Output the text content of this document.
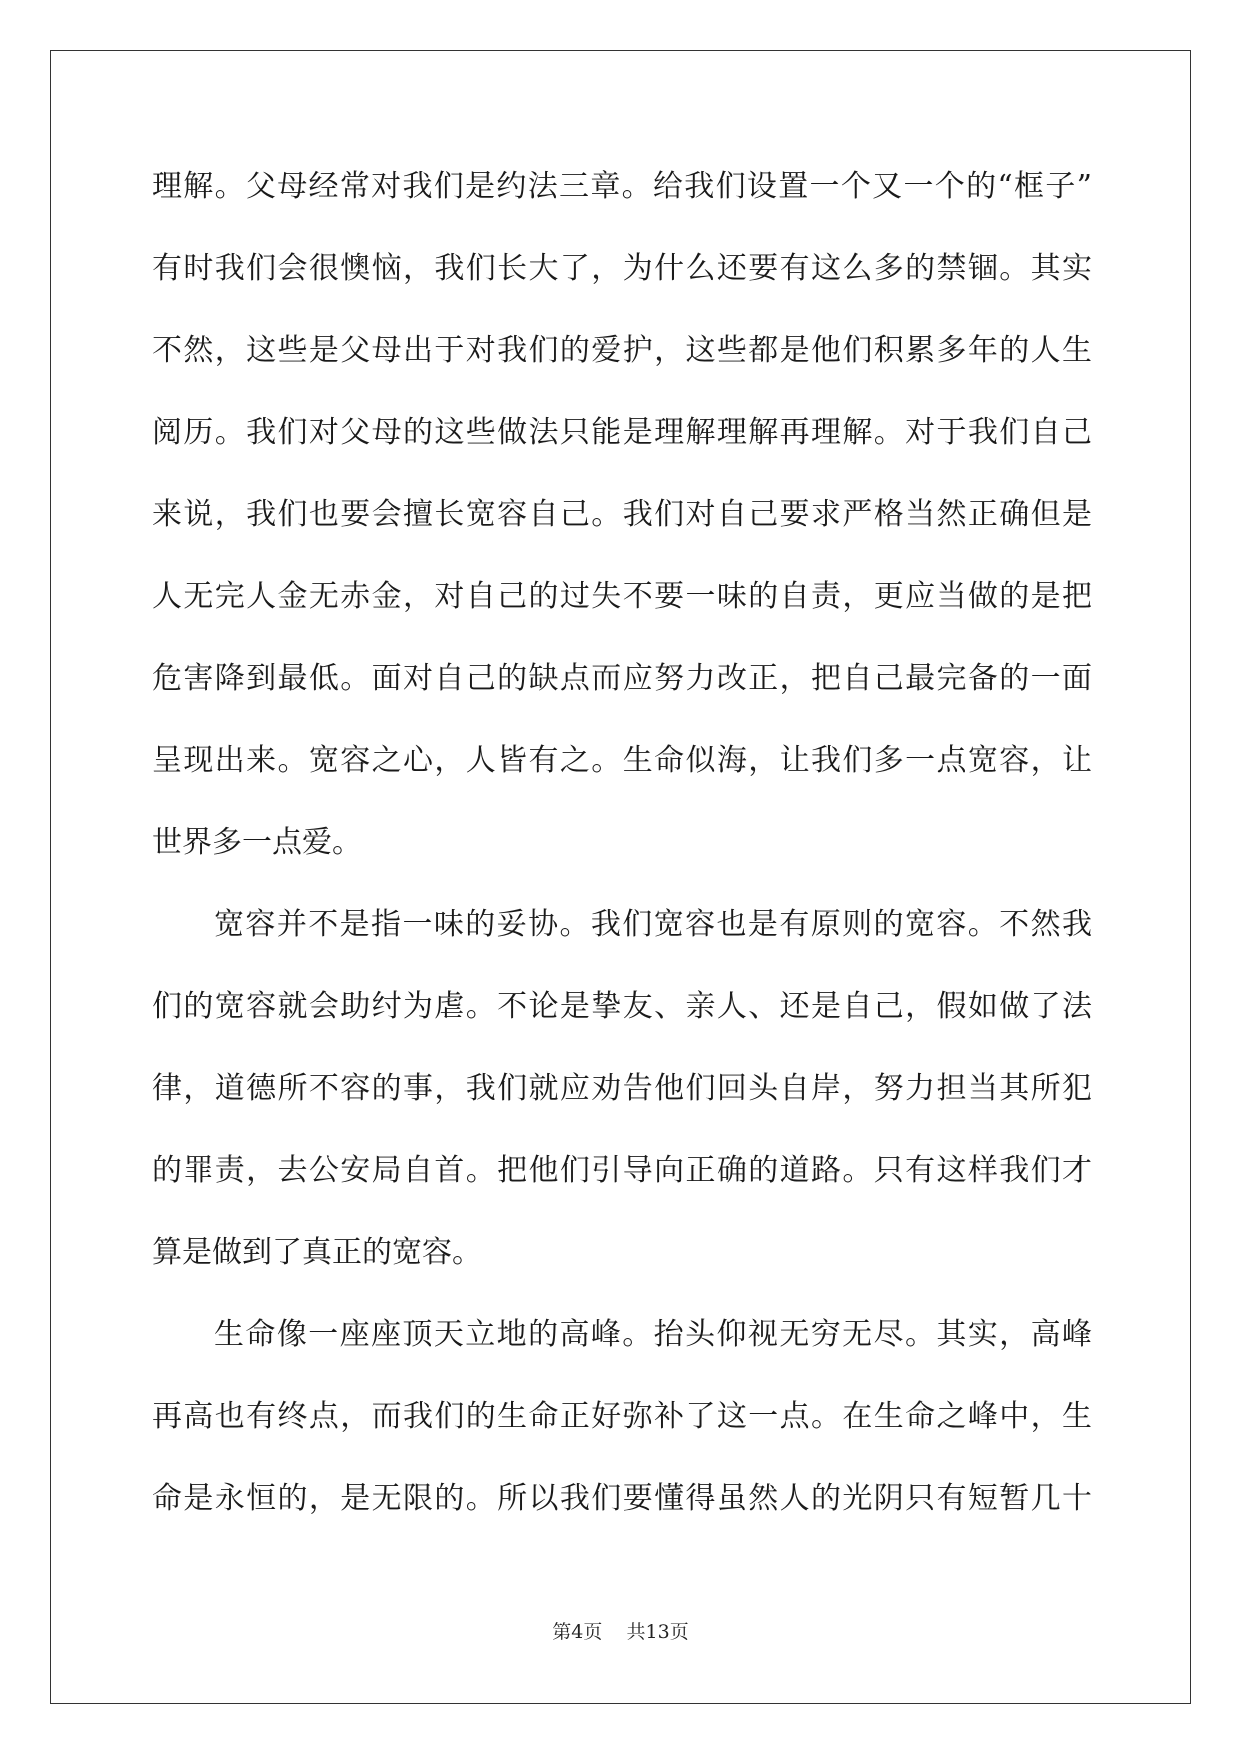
理解。父母经常对我们是约法三章。给我们设置一个又一个的“框子”
有时我们会很懊恼，我们长大了，为什么还要有这么多的禁锢。其实
不然，这些是父母出于对我们的爱护，这些都是他们积累多年的人生
阅历。我们对父母的这些做法只能是理解理解再理解。对于我们自己
来说，我们也要会擅长宽容自己。我们对自己要求严格当然正确但是
人无完人金无赤金，对自己的过失不要一味的自责，更应当做的是把
危害降到最低。面对自己的缺点而应努力改正，把自己最完备的一面
呈现出来。宽容之心，人皆有之。生命似海，让我们多一点宽容，让
世界多一点爱。
宽容并不是指一味的妥协。我们宽容也是有原则的宽容。不然我
们的宽容就会助纣为虐。不论是挚友、亲人、还是自己，假如做了法
律，道德所不容的事，我们就应劝告他们回头自岸，努力担当其所犯
的罪责，去公安局自首。把他们引导向正确的道路。只有这样我们才
算是做到了真正的宽容。
生命像一座座顶天立地的高峰。抬头仰视无穷无尽。其实，高峰
再高也有终点，而我们的生命正好弥补了这一点。在生命之峰中，生
命是永恒的，是无限的。所以我们要懂得虽然人的光阴只有短暂几十
第4页 共13页
